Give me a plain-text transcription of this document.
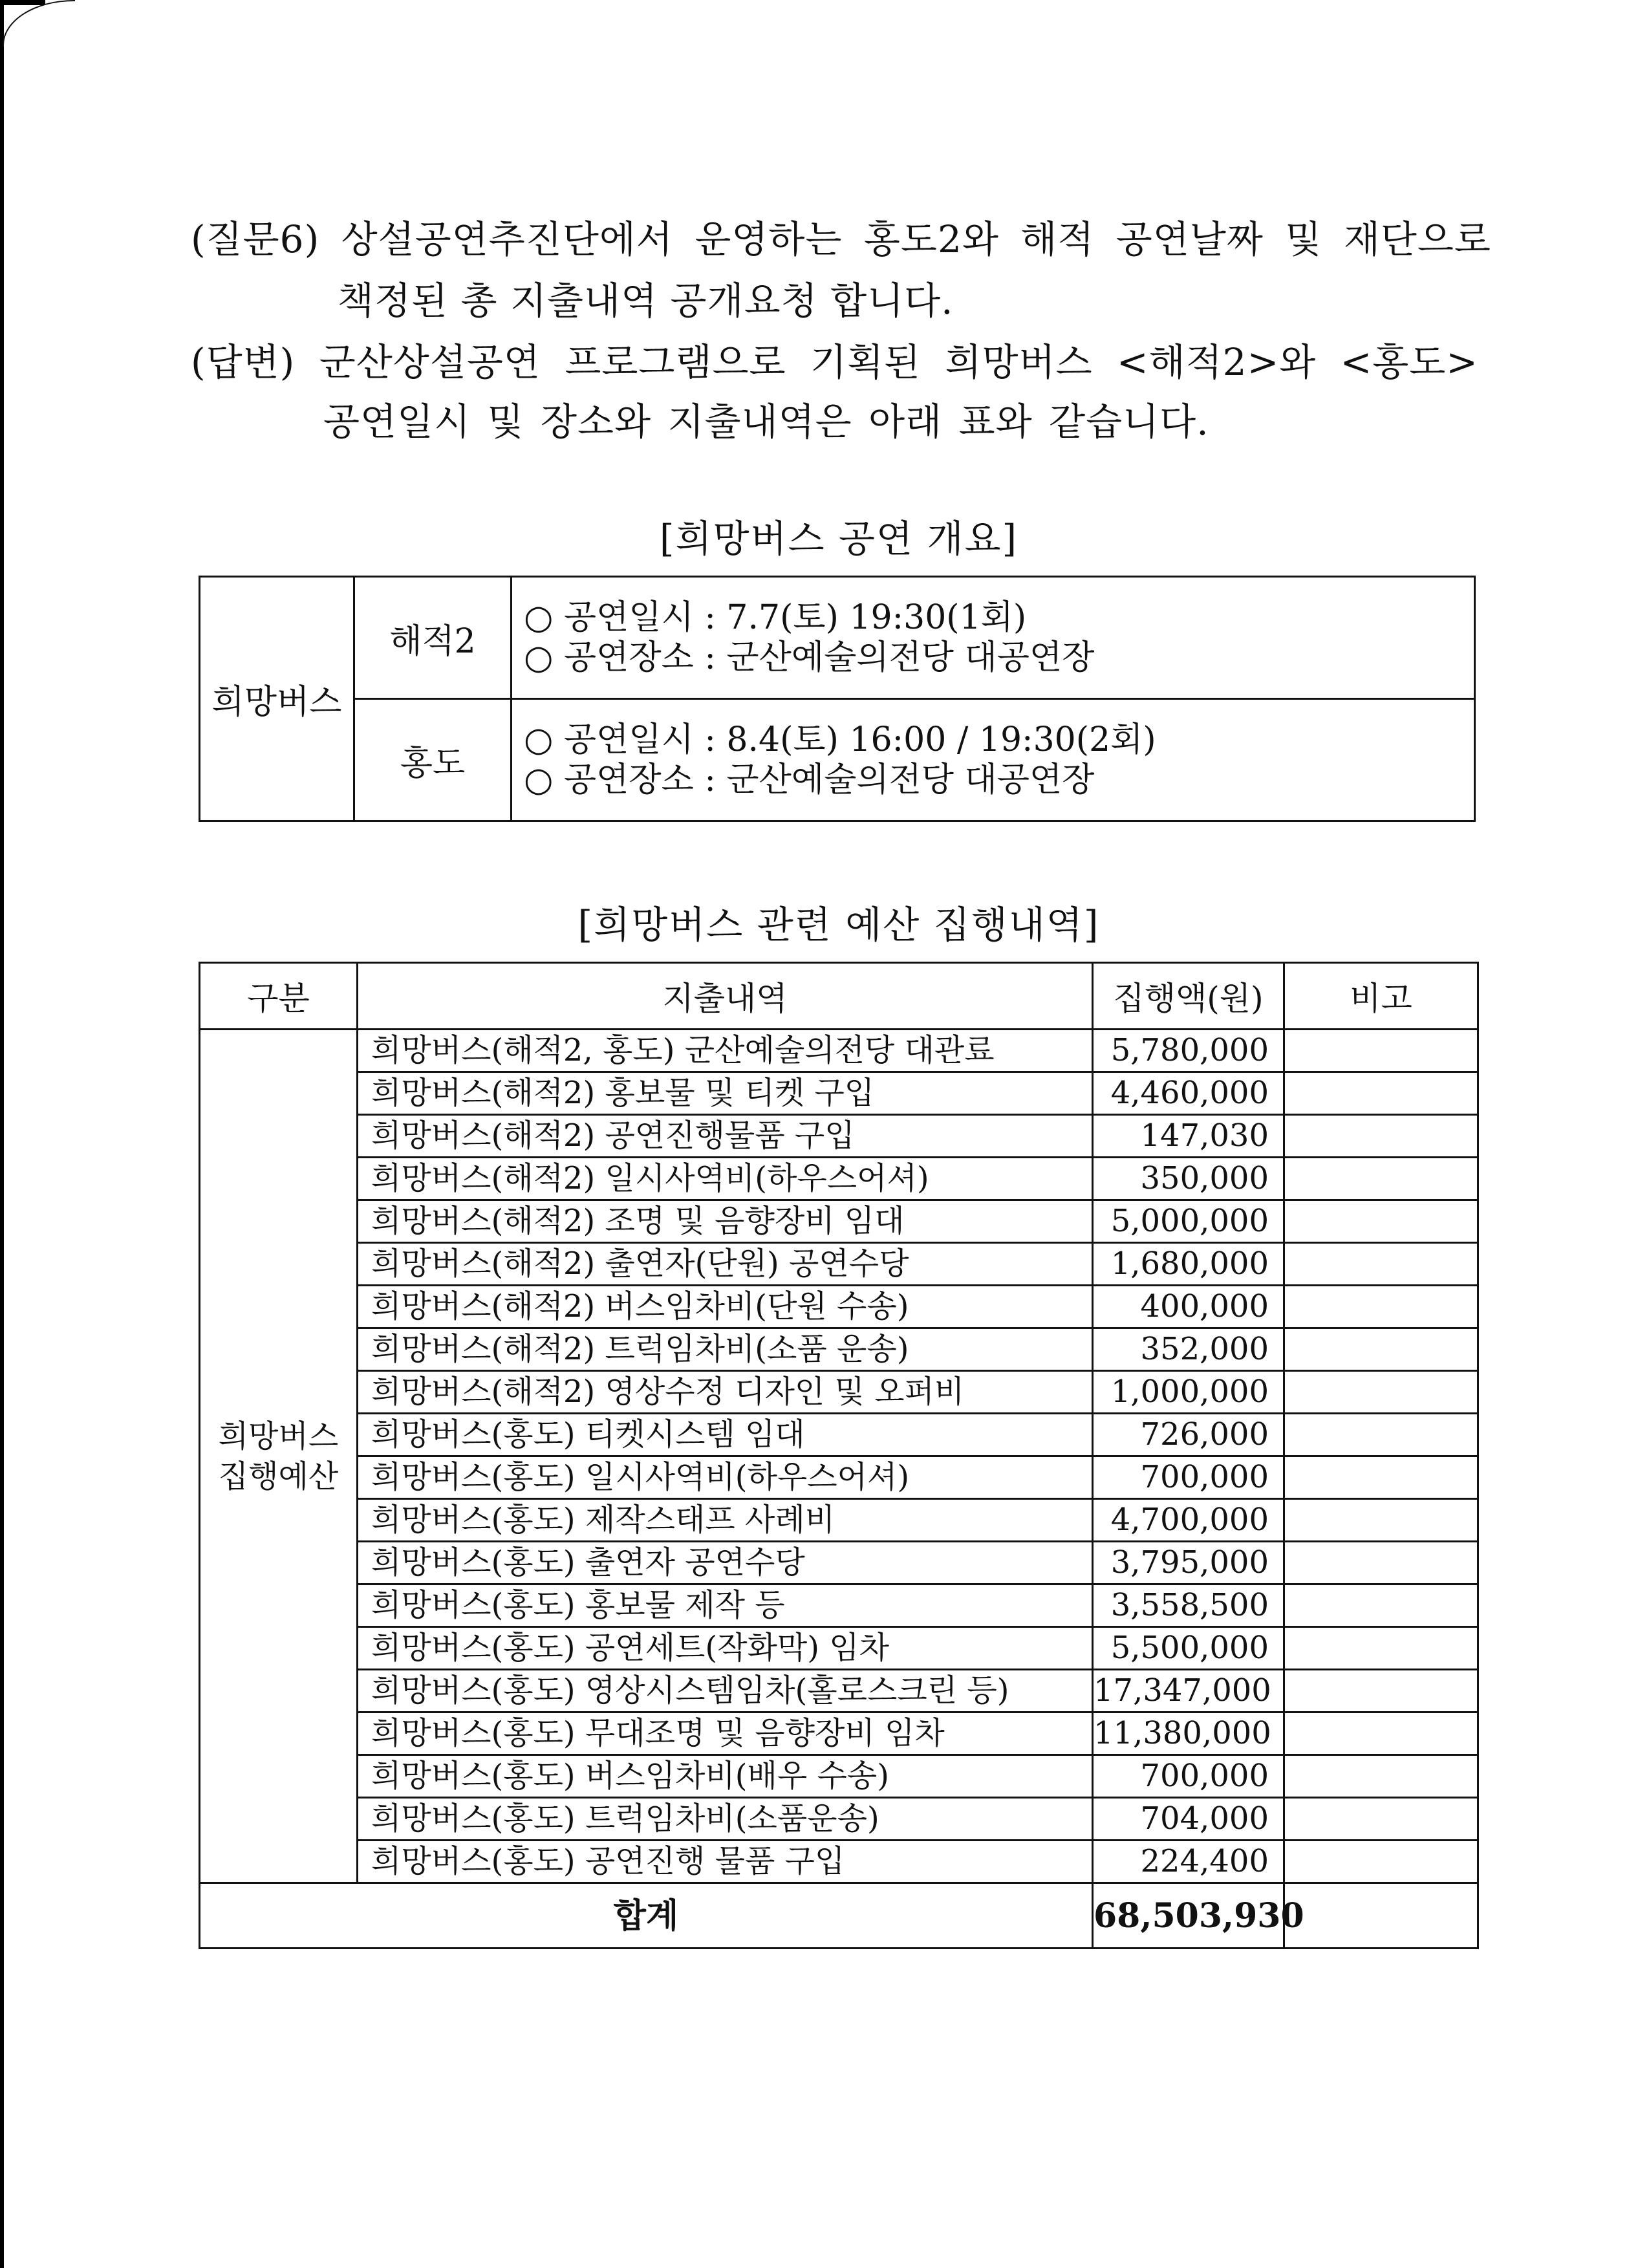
(질문6) 상설공연추진단에서 운영하는 홍도2와 해적 공연날짜 및 재단으로
책정된 총 지출내역 공개요청 합니다.
(답변) 군산상설공연 프로그램으로 기획된 희망버스 <해적2>와 <홍도>
공연일시 및 장소와 지출내역은 아래 표와 같습니다.
[희망버스 공연 개요]
희망버스	해적2	○ 공연일시 : 7.7(토) 19:30(1회)
○ 공연장소 : 군산예술의전당 대공연장

	홍도	○ 공연일시 : 8.4(토) 16:00 / 19:30(2회)
○ 공연장소 : 군산예술의전당 대공연장
[희망버스 관련 예산 집행내역]
구분	지출내역	집행액(원)	비고

희망버스
집행예산	희망버스(해적2, 홍도) 군산예술의전당 대관료	5,780,000	
	희망버스(해적2) 홍보물 및 티켓 구입	4,460,000	
	희망버스(해적2) 공연진행물품 구입	147,030	
	희망버스(해적2) 일시사역비(하우스어셔)	350,000	
	희망버스(해적2) 조명 및 음향장비 임대	5,000,000	
	희망버스(해적2) 출연자(단원) 공연수당	1,680,000	
	희망버스(해적2) 버스임차비(단원 수송)	400,000	
	희망버스(해적2) 트럭임차비(소품 운송)	352,000	
	희망버스(해적2) 영상수정 디자인 및 오퍼비	1,000,000	
	희망버스(홍도) 티켓시스템 임대	726,000	
	희망버스(홍도) 일시사역비(하우스어셔)	700,000	
	희망버스(홍도) 제작스태프 사례비	4,700,000	
	희망버스(홍도) 출연자 공연수당	3,795,000	
	희망버스(홍도) 홍보물 제작 등	3,558,500	
	희망버스(홍도) 공연세트(작화막) 임차	5,500,000	
	희망버스(홍도) 영상시스템임차(홀로스크린 등)	17,347,000	
	희망버스(홍도) 무대조명 및 음향장비 임차	11,380,000	
	희망버스(홍도) 버스임차비(배우 수송)	700,000	
	희망버스(홍도) 트럭임차비(소품운송)	704,000	
	희망버스(홍도) 공연진행 물품 구입	224,400	
합계		68,503,930	
